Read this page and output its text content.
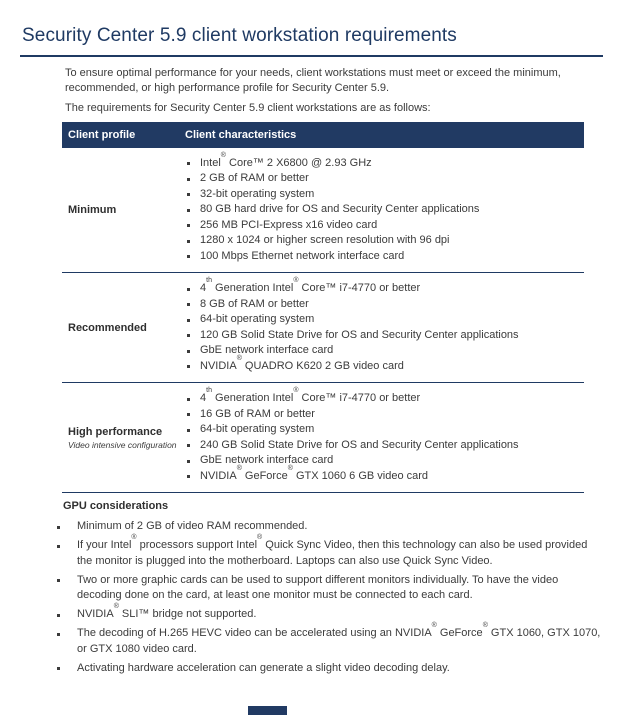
Security Center 5.9 client workstation requirements

To ensure optimal performance for your needs, client workstations must meet or exceed the minimum, recommended, or high performance profile for Security Center 5.9.

The requirements for Security Center 5.9 client workstations are as follows:

Client profile	Client characteristics
Minimum
Intel® Core™ 2 X6800 @ 2.93 GHz
2 GB of RAM or better
32-bit operating system
80 GB hard drive for OS and Security Center applications
256 MB PCI-Express x16 video card
1280 x 1024 or higher screen resolution with 96 dpi
100 Mbps Ethernet network interface card
Recommended
4th Generation Intel® Core™ i7-4770 or better
8 GB of RAM or better
64-bit operating system
120 GB Solid State Drive for OS and Security Center applications
GbE network interface card
NVIDIA® QUADRO K620 2 GB video card
High performance
Video intensive configuration
4th Generation Intel® Core™ i7-4770 or better
16 GB of RAM or better
64-bit operating system
240 GB Solid State Drive for OS and Security Center applications
GbE network interface card
NVIDIA® GeForce® GTX 1060 6 GB video card
GPU considerations
Minimum of 2 GB of video RAM recommended.
If your Intel® processors support Intel® Quick Sync Video, then this technology can also be used provided the monitor is plugged into the motherboard. Laptops can also use Quick Sync Video.
Two or more graphic cards can be used to support different monitors individually. To have the video decoding done on the card, at least one monitor must be connected to each card.
NVIDIA® SLI™ bridge not supported.
The decoding of H.265 HEVC video can be accelerated using an NVIDIA® GeForce® GTX 1060, GTX 1070, or GTX 1080 video card.
Activating hardware acceleration can generate a slight video decoding delay.
